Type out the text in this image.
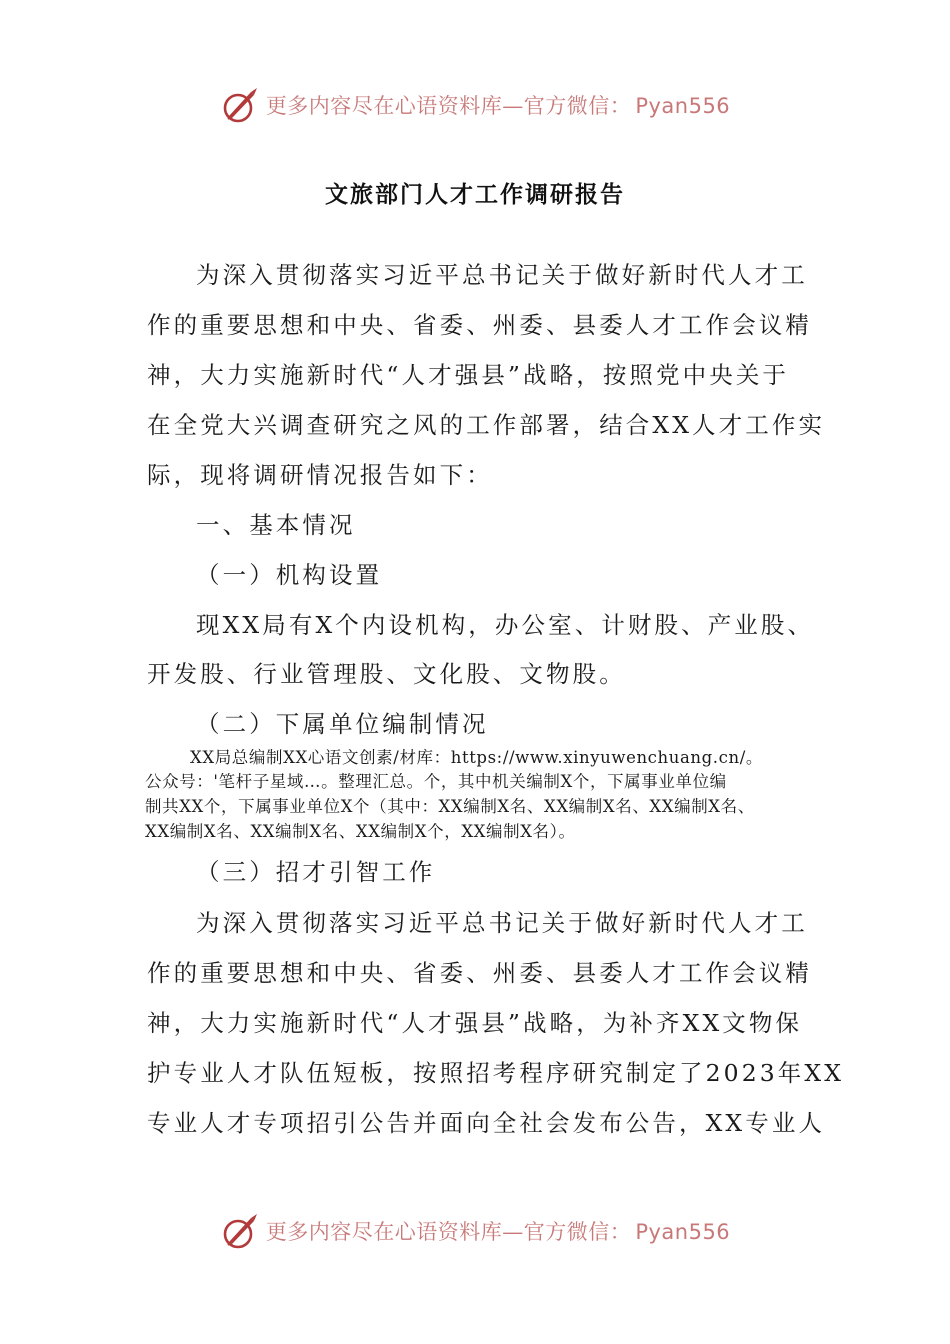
更多内容尽在心语资料库—官方微信： Pyan556
文旅部门人才工作调研报告
为深入贯彻落实习近平总书记关于做好新时代人才工
作的重要思想和中央、省委、州委、县委人才工作会议精
神，大力实施新时代“人才强县”战略，按照党中央关于
在全党大兴调查研究之风的工作部署，结合XX人才工作实
际，现将调研情况报告如下：
一、基本情况
（一）机构设置
现XX局有X个内设机构，办公室、计财股、产业股、
开发股、行业管理股、文化股、文物股。
（二）下属单位编制情况
XX局总编制XX心语文创素/材库：https://www.xinyuwenchuang.cn/。
公众号：'笔杆子星域…。整理汇总。个，其中机关编制X个，下属事业单位编
制共XX个，下属事业单位X个（其中：XX编制X名、XX编制X名、XX编制X名、
XX编制X名、XX编制X名、XX编制X个，XX编制X名）。
（三）招才引智工作
为深入贯彻落实习近平总书记关于做好新时代人才工
作的重要思想和中央、省委、州委、县委人才工作会议精
神，大力实施新时代“人才强县”战略，为补齐XX文物保
护专业人才队伍短板，按照招考程序研究制定了2023年XX
专业人才专项招引公告并面向全社会发布公告，XX专业人
更多内容尽在心语资料库—官方微信： Pyan556
